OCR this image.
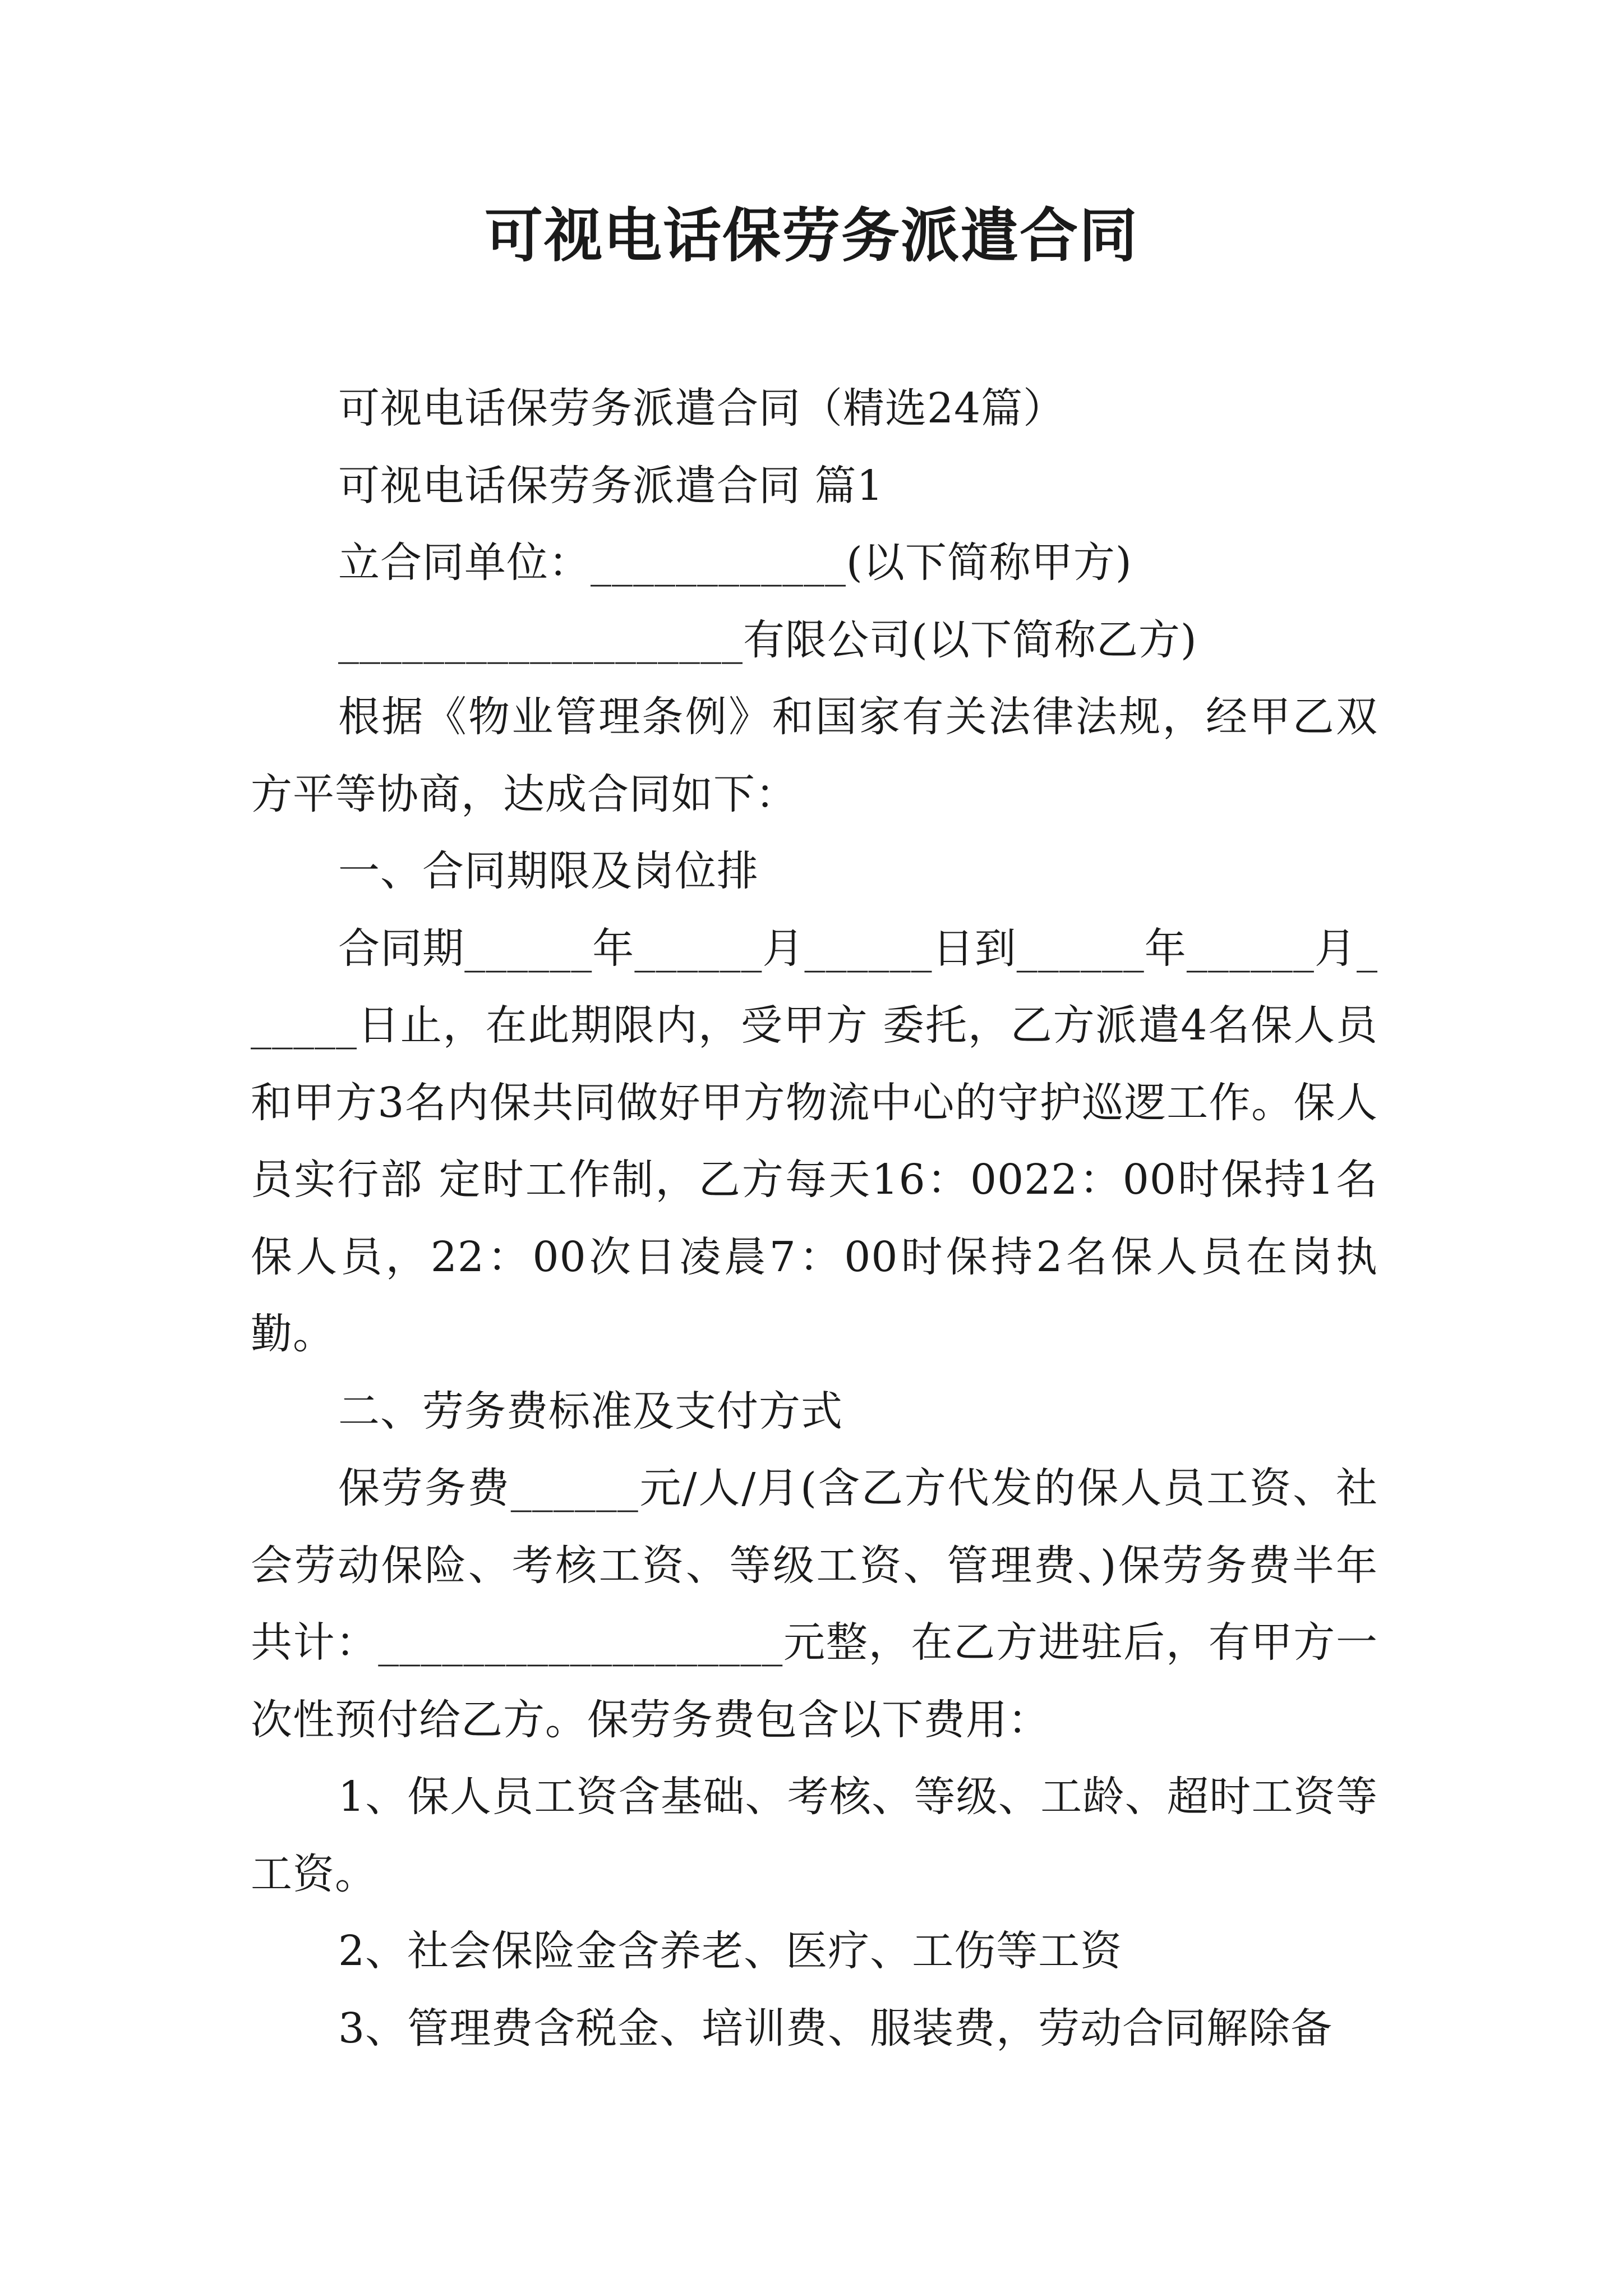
可视电话保劳务派遣合同

可视电话保劳务派遣合同（精选24篇）

可视电话保劳务派遣合同 篇1

立合同单位：____________(以下简称甲方)

___________________有限公司(以下简称乙方)

根据《物业管理条例》和国家有关法律法规，经甲乙双方平等协商，达成合同如下：

一、合同期限及岗位排

合同期______年______月______日到______年______月______日止，在此期限内，受甲方 委托，乙方派遣4名保人员和甲方3名内保共同做好甲方物流中心的守护巡逻工作。保人员实行部 定时工作制，乙方每天16：0022：00时保持1名保人员，22：00次日凌晨7：00时保持2名保人员在岗执勤。

二、劳务费标准及支付方式

保劳务费______元/人/月(含乙方代发的保人员工资、社会劳动保险、考核工资、等级工资、管理费、)保劳务费半年共计：___________________元整，在乙方进驻后，有甲方一次性预付给乙方。保劳务费包含以下费用：

1、保人员工资含基础、考核、等级、工龄、超时工资等工资。

2、社会保险金含养老、医疗、工伤等工资

3、管理费含税金、培训费、服装费，劳动合同解除备
